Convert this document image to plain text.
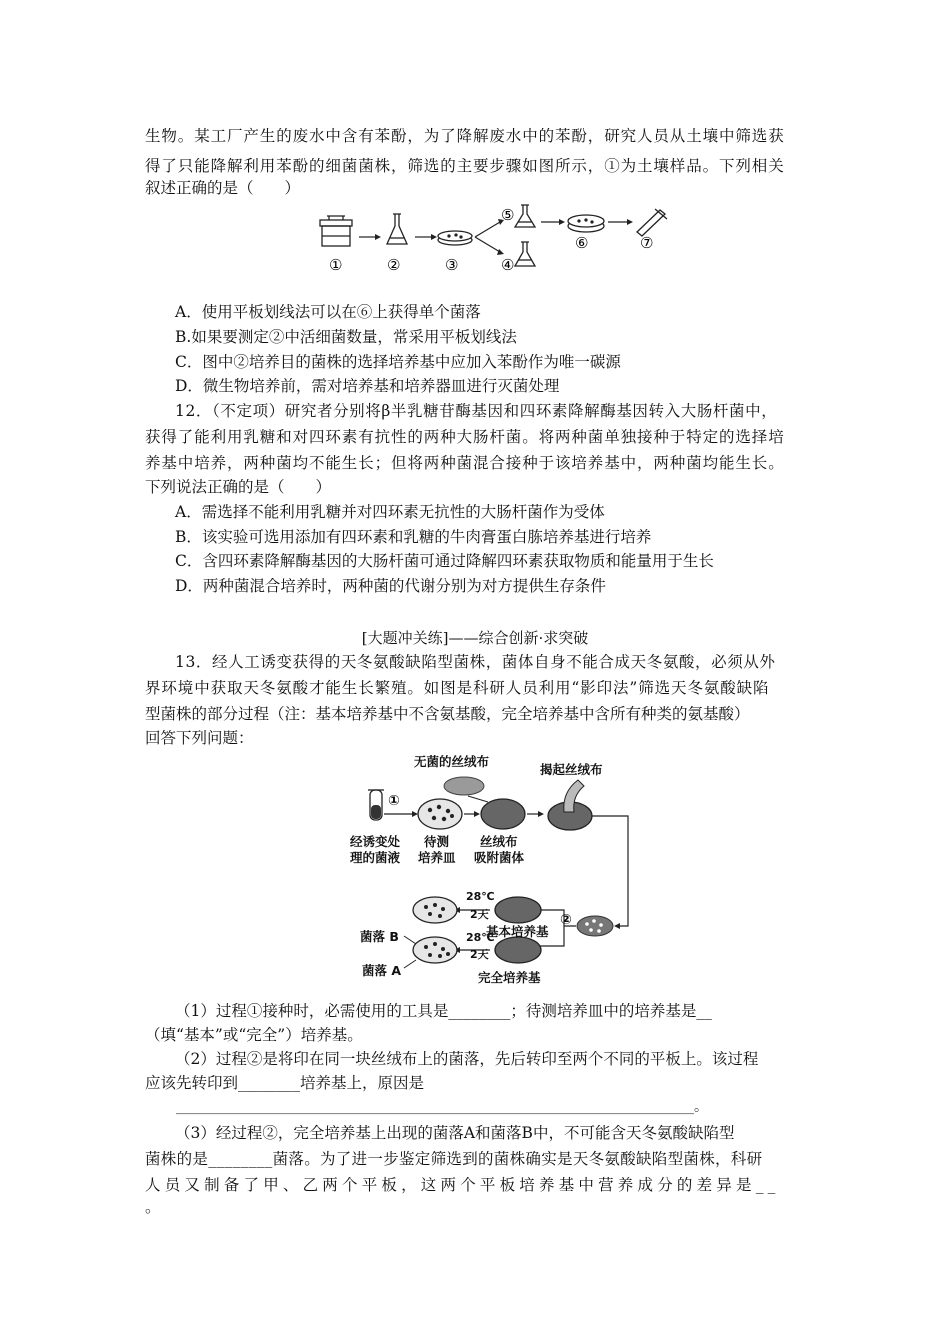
生物。某工厂产生的废水中含有苯酚，为了降解废水中的苯酚，研究人员从土壤中筛选获
得了只能降解利用苯酚的细菌菌株，筛选的主要步骤如图所示，①为土壤样品。下列相关
叙述正确的是（　　）
①	②	③	④
⑤
⑥	⑦
A．使用平板划线法可以在⑥上获得单个菌落
B.如果要测定②中活细菌数量，常采用平板划线法
C．图中②培养目的菌株的选择培养基中应加入苯酚作为唯一碳源
D．微生物培养前，需对培养基和培养器皿进行灭菌处理
12．（不定项）研究者分别将β半乳糖苷酶基因和四环素降解酶基因转入大肠杆菌中，
获得了能利用乳糖和对四环素有抗性的两种大肠杆菌。将两种菌单独接种于特定的选择培
养基中培养，两种菌均不能生长；但将两种菌混合接种于该培养基中，两种菌均能生长。
下列说法正确的是（　　）
A．需选择不能利用乳糖并对四环素无抗性的大肠杆菌作为受体
B．该实验可选用添加有四环素和乳糖的牛肉膏蛋白胨培养基进行培养
C．含四环素降解酶基因的大肠杆菌可通过降解四环素获取物质和能量用于生长
D．两种菌混合培养时，两种菌的代谢分别为对方提供生存条件
[大题冲关练]——综合创新·求突破
13．经人工诱变获得的天冬氨酸缺陷型菌株，菌体自身不能合成天冬氨酸，必须从外
界环境中获取天冬氨酸才能生长繁殖。如图是科研人员利用“影印法”筛选天冬氨酸缺陷
型菌株的部分过程（注：基本培养基中不含氨基酸，完全培养基中含所有种类的氨基酸）
回答下列问题：
无菌的丝绒布
揭起丝绒布
①
经诱变处
理的菌液
待测
培养皿
丝绒布
吸附菌体
28℃
2天
基本培养基
28℃
2天
完全培养基
②
菌落 B
菌落 A
（1）过程①接种时，必需使用的工具是________；待测培养皿中的培养基是__
（填“基本”或“完全”）培养基。
（2）过程②是将印在同一块丝绒布上的菌落，先后转印至两个不同的平板上。该过程
应该先转印到________培养基上，原因是
__________________________________________________________________________。
（3）经过程②，完全培养基上出现的菌落A和菌落B中，不可能含天冬氨酸缺陷型
菌株的是________菌落。为了进一步鉴定筛选到的菌株确实是天冬氨酸缺陷型菌株，科研
人员又制备了甲、乙两个平板，这两个平板培养基中营养成分的差异是__
。
